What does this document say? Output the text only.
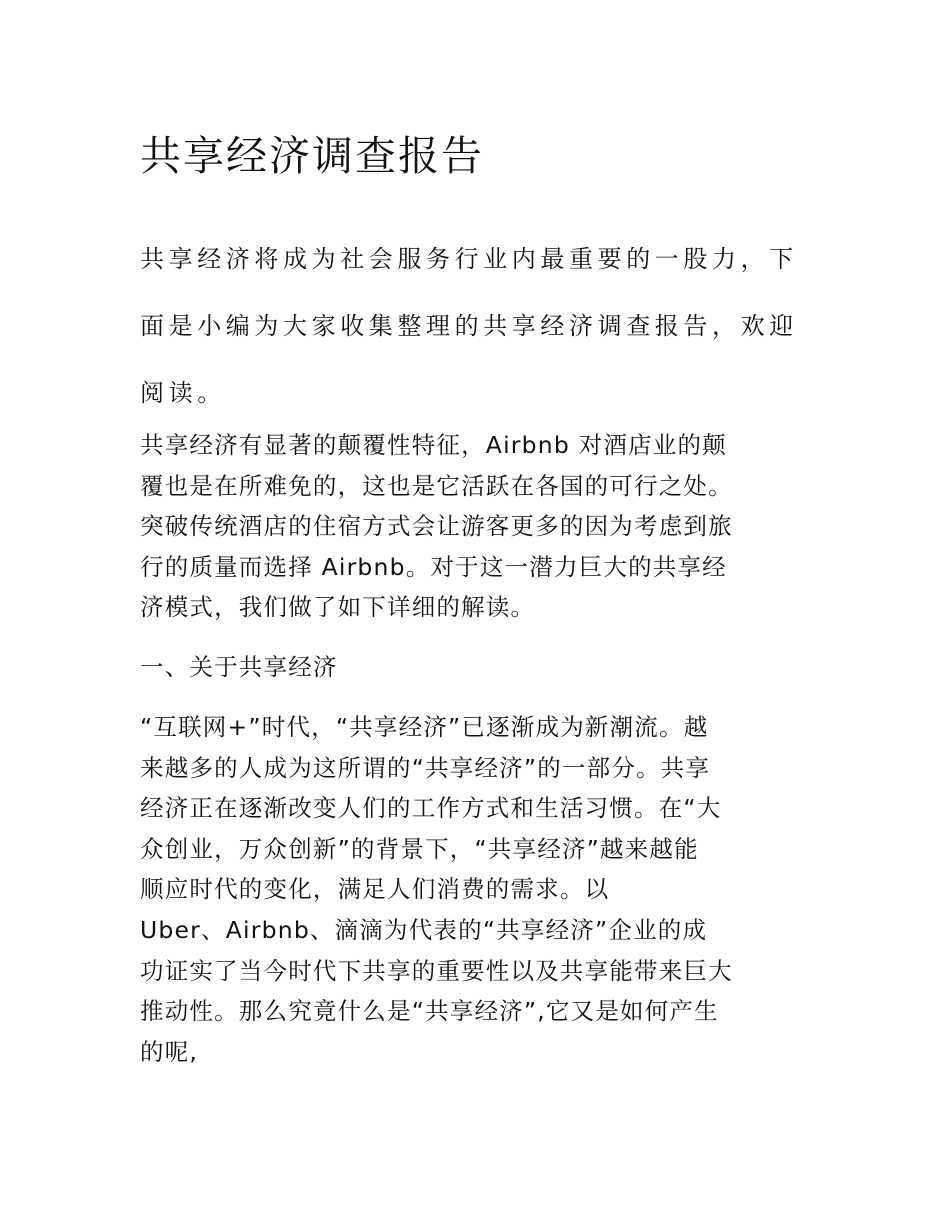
共享经济调查报告

共享经济将成为社会服务行业内最重要的一股力，下
面是小编为大家收集整理的共享经济调查报告，欢迎
阅读。

共享经济有显著的颠覆性特征，Airbnb 对酒店业的颠
覆也是在所难免的，这也是它活跃在各国的可行之处。
突破传统酒店的住宿方式会让游客更多的因为考虑到旅
行的质量而选择 Airbnb。对于这一潜力巨大的共享经
济模式，我们做了如下详细的解读。

一、关于共享经济

“互联网+”时代，“共享经济”已逐渐成为新潮流。越
来越多的人成为这所谓的“共享经济”的一部分。共享
经济正在逐渐改变人们的工作方式和生活习惯。在“大
众创业，万众创新”的背景下，“共享经济”越来越能
顺应时代的变化，满足人们消费的需求。以
Uber、Airbnb、滴滴为代表的“共享经济”企业的成
功证实了当今时代下共享的重要性以及共享能带来巨大
推动性。那么究竟什么是“共享经济”,它又是如何产生
的呢,
